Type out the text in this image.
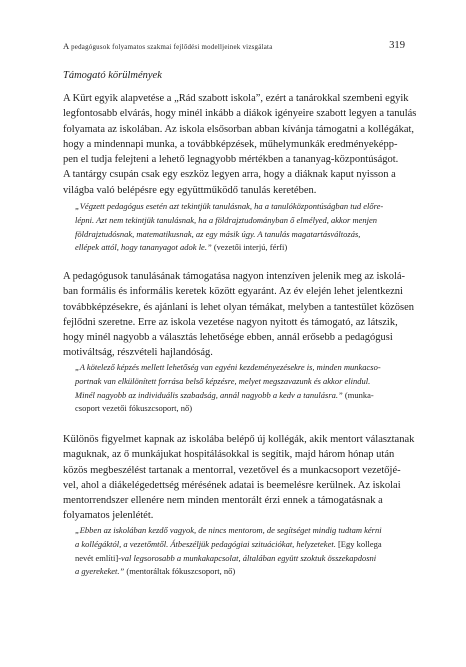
A pedagógusok folyamatos szakmai fejlődési modelljeinek vizsgálata	319
Támogató körülmények
A Kürt egyik alapvetése a „Rád szabott iskola”, ezért a tanárokkal szembeni egyik
legfontosabb elvárás, hogy minél inkább a diákok igényeire szabott legyen a tanulás
folyamata az iskolában. Az iskola elsősorban abban kívánja támogatni a kollégákat,
hogy a mindennapi munka, a továbbképzések, műhelymunkák eredményeképp-
pen el tudja felejteni a lehető legnagyobb mértékben a tananyag-központúságot.
A tantárgy csupán csak egy eszköz legyen arra, hogy a diáknak kaput nyisson a
világba való belépésre egy együttműködő tanulás keretében.
„Végzett pedagógus esetén azt tekintjük tanulásnak, ha a tanulóközpontúságban tud előre-
lépni. Azt nem tekintjük tanulásnak, ha a földrajztudományban ő elmélyed, akkor menjen
földrajztudósnak, matematikusnak, az egy másik úgy. A tanulás magatartásváltozás,
ellépek attól, hogy tananyagot adok le.” (vezetői interjú, férfi)
A pedagógusok tanulásának támogatása nagyon intenzíven jelenik meg az iskolá-
ban formális és informális keretek között egyaránt. Az év elején lehet jelentkezni
továbbképzésekre, és ajánlani is lehet olyan témákat, melyben a tantestület közösen
fejlődni szeretne. Erre az iskola vezetése nagyon nyitott és támogató, az látszik,
hogy minél nagyobb a választás lehetősége ebben, annál erősebb a pedagógusi
motiváltság, részvételi hajlandóság.
„A kötelező képzés mellett lehetőség van egyéni kezdeményezésekre is, minden munkacso-
portnak van elkülönített forrása belső képzésre, melyet megszavazunk és akkor elindul.
Minél nagyobb az individuális szabadság, annál nagyobb a kedv a tanulásra.” (munka-
csoport vezetői fókuszcsoport, nő)
Különös figyelmet kapnak az iskolába belépő új kollégák, akik mentort választanak
maguknak, az ő munkájukat hospitálásokkal is segítik, majd három hónap után
közös megbeszélést tartanak a mentorral, vezetővel és a munkacsoport vezetőjé-
vel, ahol a diákelégedettség mérésének adatai is beemelésre kerülnek. Az iskolai
mentorrendszer ellenére nem minden mentorált érzi ennek a támogatásnak a
folyamatos jelenlétét.
„Ebben az iskolában kezdő vagyok, de nincs mentorom, de segítséget mindig tudtam kérni
a kollégáktól, a vezetőmtől. Átbeszéljük pedagógiai szituációkat, helyzeteket. [Egy kollega
nevét említi]-val legsorosabb a munkakapcsolat, általában együtt szoktuk összekapdosni
a gyerekeket.” (mentoráltak fókuszcsoport, nő)
